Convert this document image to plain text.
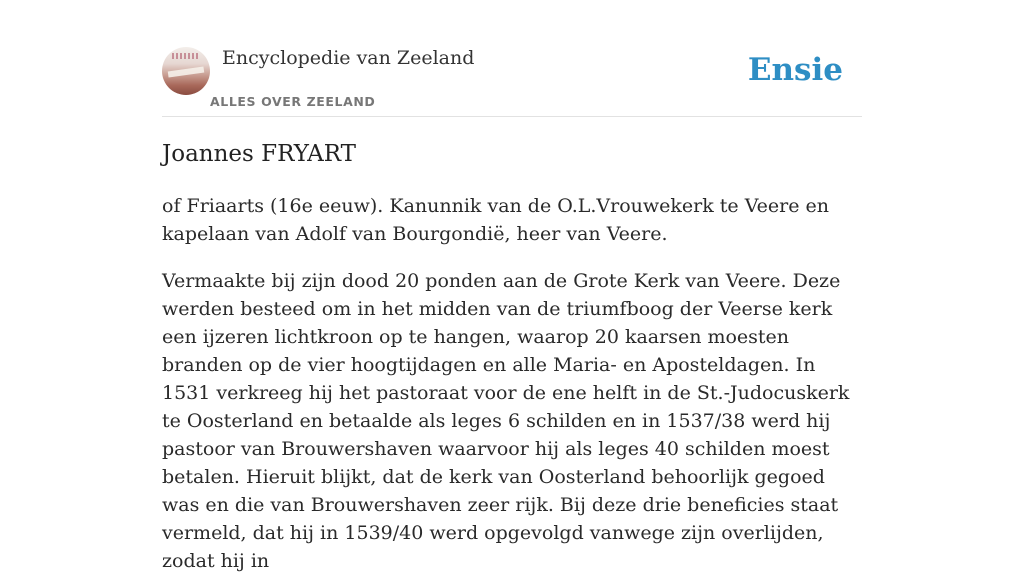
Encyclopedie van Zeeland
ALLES OVER ZEELAND
Ensie
Joannes FRYART

of Friaarts (16e eeuw). Kanunnik van de O.L.Vrouwekerk te Veere en kapelaan van Adolf van Bourgondië, heer van Veere.

Vermaakte bij zijn dood 20 ponden aan de Grote Kerk van Veere. Deze werden besteed om in het midden van de triumfboog der Veerse kerk een ijzeren lichtkroon op te hangen, waarop 20 kaarsen moesten branden op de vier hoogtijdagen en alle Maria- en Aposteldagen. In 1531 verkreeg hij het pastoraat voor de ene helft in de St.-Judocuskerk te Oosterland en betaalde als leges 6 schilden en in 1537/38 werd hij pastoor van Brouwershaven waarvoor hij als leges 40 schilden moest betalen. Hieruit blijkt, dat de kerk van Oosterland behoorlijk gegoed was en die van Brouwershaven zeer rijk. Bij deze drie beneficies staat vermeld, dat hij in 1539/40 werd opgevolgd vanwege zijn overlijden, zodat hij in
